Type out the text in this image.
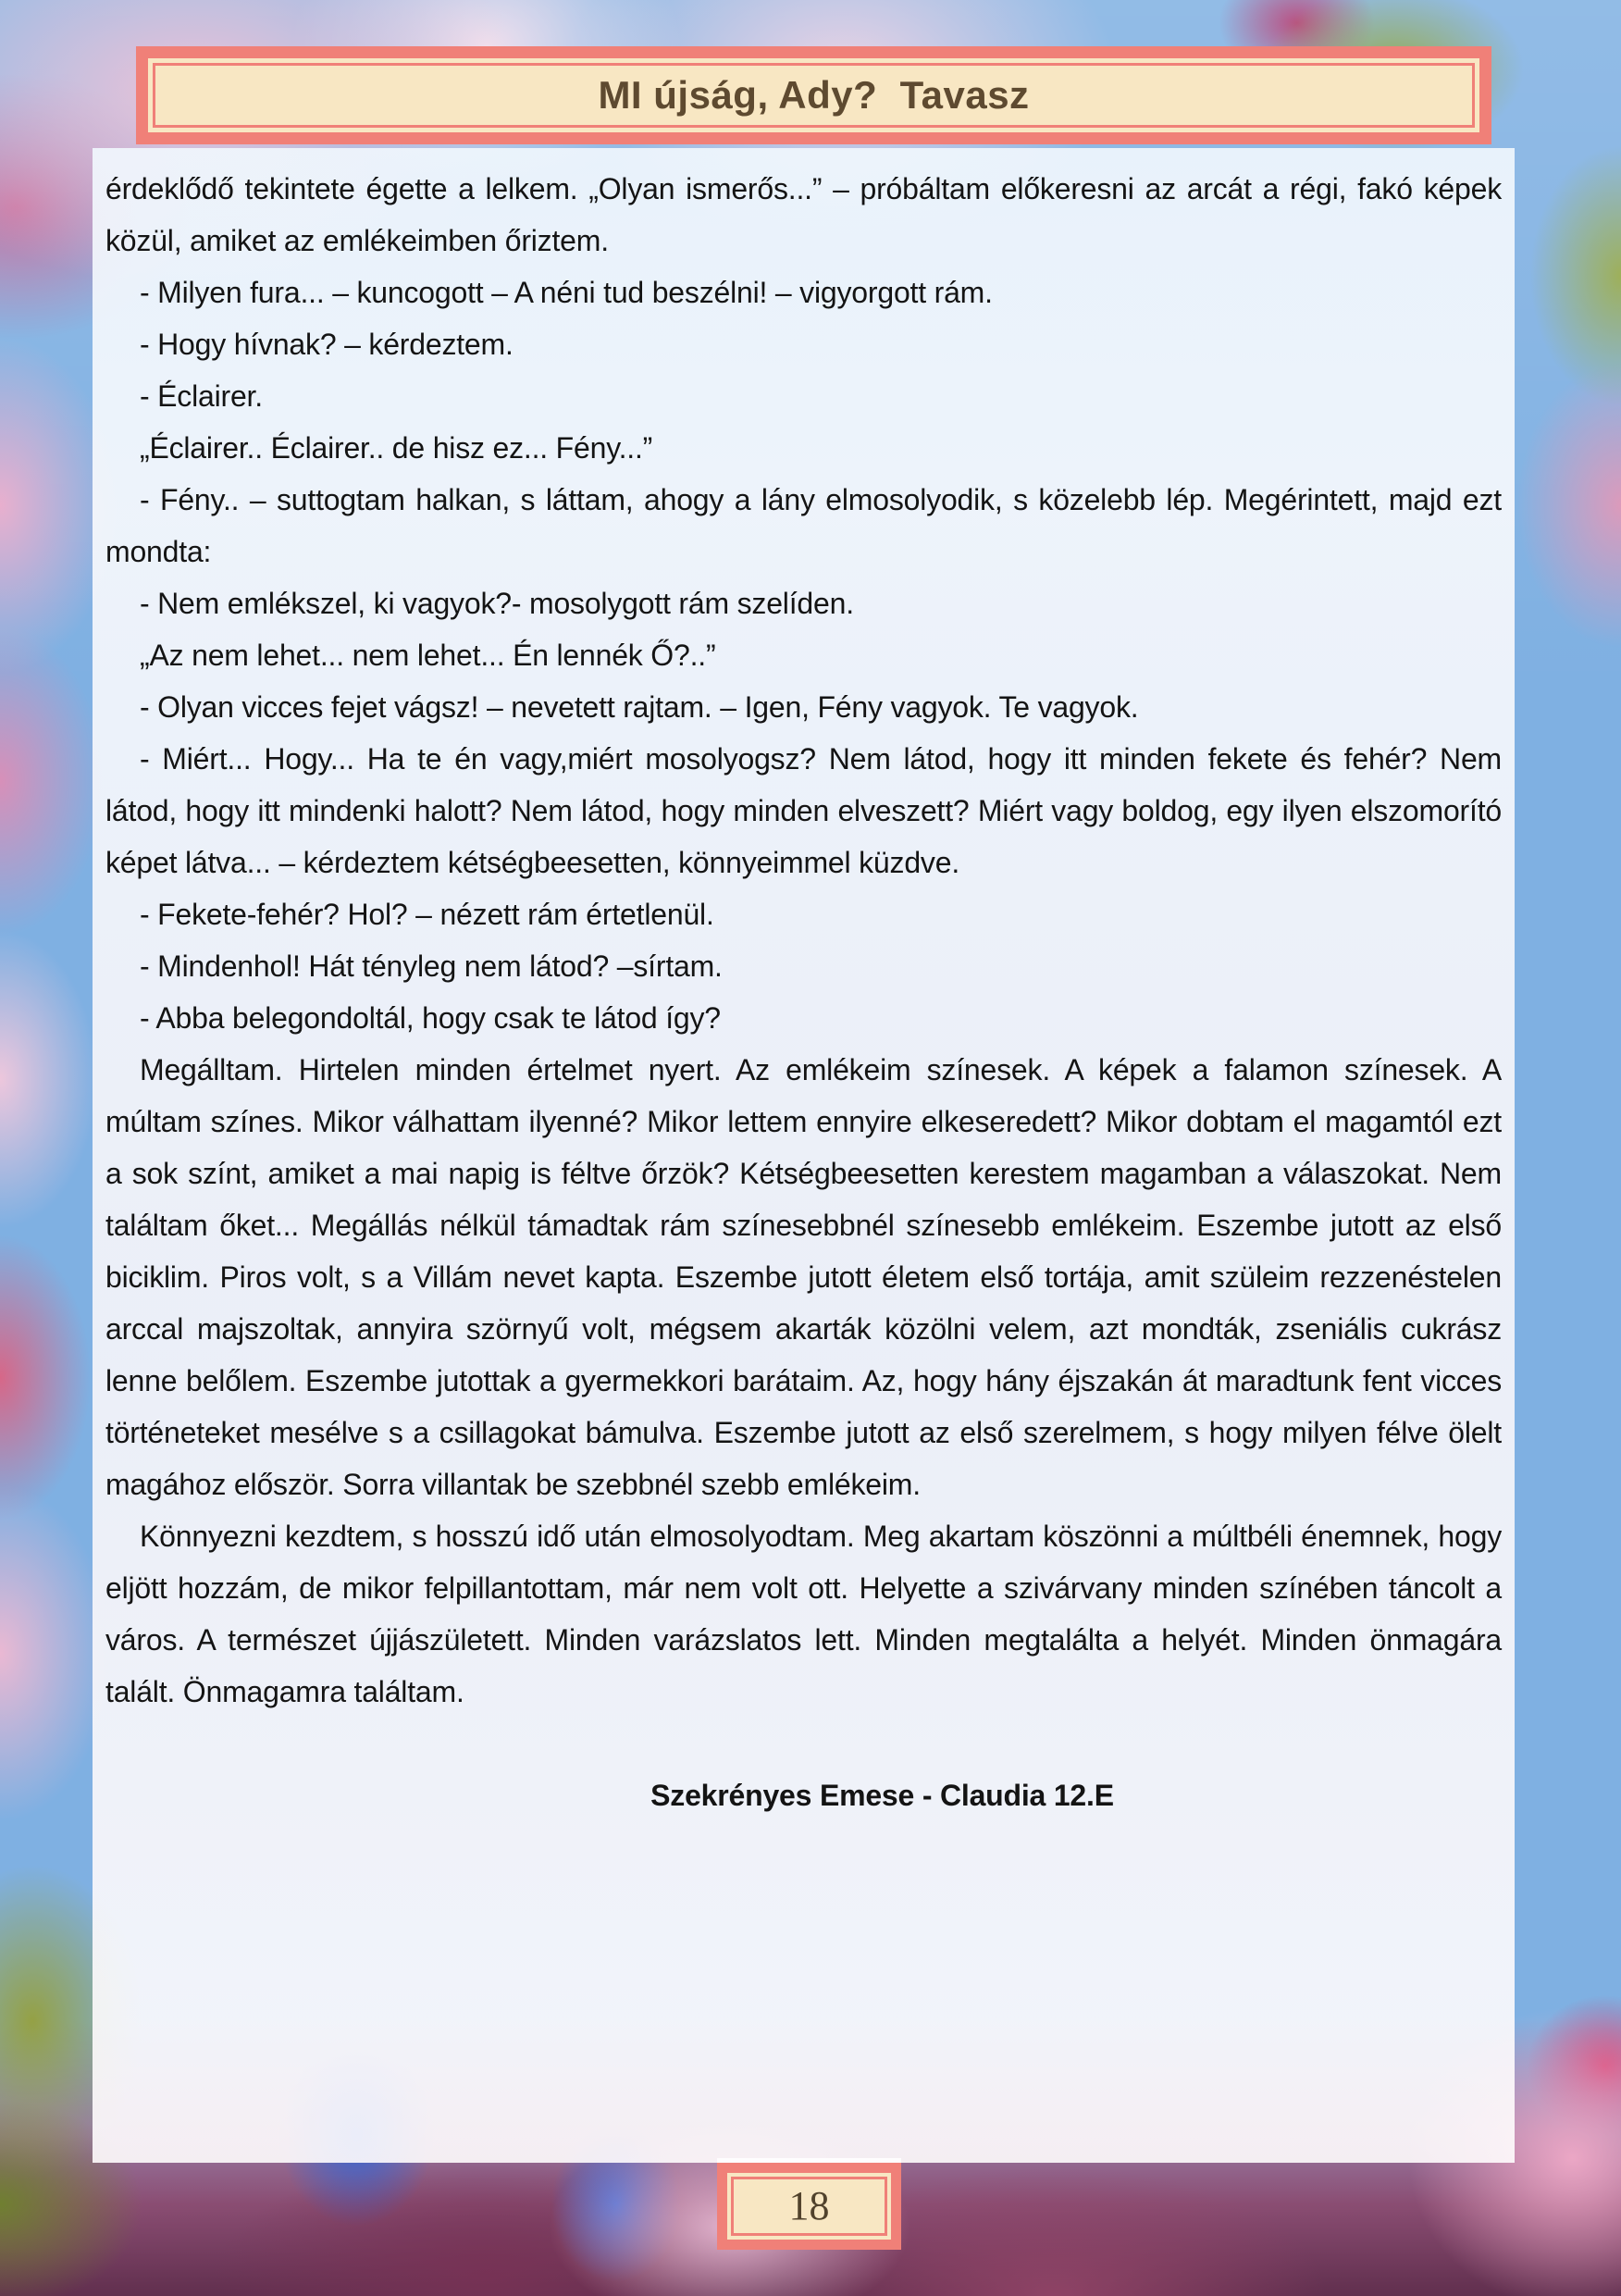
MI újság, Ady?  Tavasz

érdeklődő tekintete égette a lelkem. „Olyan ismerős...” – próbáltam előkeresni az arcát a régi, fakó képek közül, amiket az emlékeimben őriztem.

- Milyen fura... – kuncogott – A néni tud beszélni! – vigyorgott rám.

- Hogy hívnak? – kérdeztem.

- Éclairer.

„Éclairer.. Éclairer.. de hisz ez... Fény...”

- Fény.. – suttogtam halkan, s láttam, ahogy a lány elmosolyodik, s közelebb lép. Megérintett, majd ezt mondta:

- Nem emlékszel, ki vagyok?- mosolygott rám szelíden.

„Az nem lehet... nem lehet... Én lennék Ő?..”

- Olyan vicces fejet vágsz! – nevetett rajtam. – Igen, Fény vagyok. Te vagyok.

- Miért... Hogy... Ha te én vagy,miért mosolyogsz? Nem látod, hogy itt minden fekete és fehér? Nem látod, hogy itt mindenki halott? Nem látod, hogy minden elveszett? Miért vagy boldog, egy ilyen elszomorító képet látva... – kérdeztem kétségbeesetten, könnyeimmel küzdve.

- Fekete-fehér? Hol? – nézett rám értetlenül.

- Mindenhol! Hát tényleg nem látod? –sírtam.

- Abba belegondoltál, hogy csak te látod így?

Megálltam. Hirtelen minden értelmet nyert. Az emlékeim színesek. A képek a falamon színesek. A múltam színes. Mikor válhattam ilyenné? Mikor lettem ennyire elkeseredett? Mikor dobtam el magamtól ezt a sok színt, amiket a mai napig is féltve őrzök? Kétségbeesetten kerestem magamban a válaszokat. Nem találtam őket... Megállás nélkül támadtak rám színesebbnél színesebb emlékeim. Eszembe jutott az első biciklim. Piros volt, s a Villám nevet kapta. Eszembe jutott életem első tortája, amit szüleim rezzenéstelen arccal majszoltak, annyira szörnyű volt, mégsem akarták közölni velem, azt mondták, zseniális cukrász lenne belőlem. Eszembe jutottak a gyermekkori barátaim. Az, hogy hány éjszakán át maradtunk fent vicces történeteket mesélve s a csillagokat bámulva. Eszembe jutott az első szerelmem, s hogy milyen félve ölelt magához először. Sorra villantak be szebbnél szebb emlékeim.

Könnyezni kezdtem, s hosszú idő után elmosolyodtam. Meg akartam köszönni a múltbéli énemnek, hogy eljött hozzám, de mikor felpillantottam, már nem volt ott. Helyette a szivárvany minden színében táncolt a város. A természet újjászületett. Minden varázslatos lett. Minden megtalálta a helyét. Minden önmagára talált. Önmagamra találtam.

Szekrényes Emese - Claudia 12.E

18
